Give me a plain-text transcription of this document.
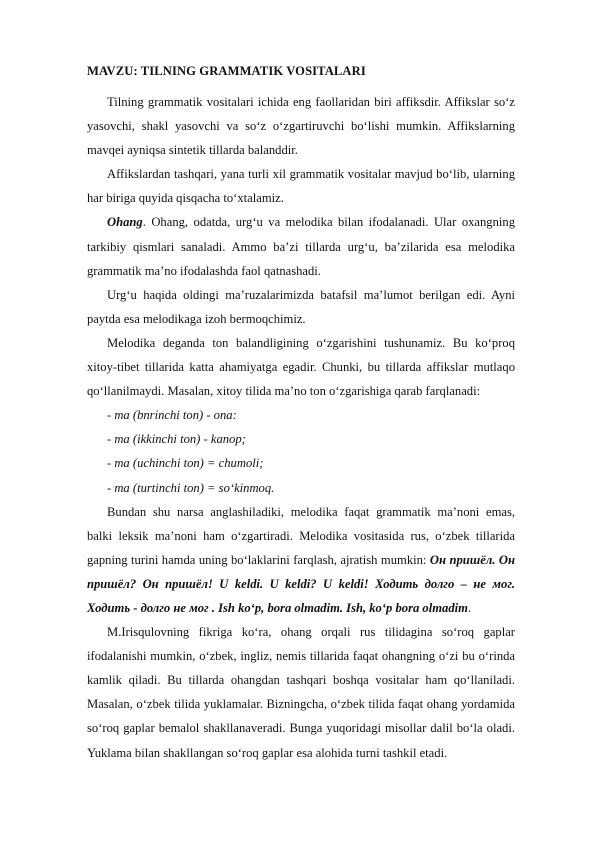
MAVZU: TILNING GRAMMATIK VOSITALARI

Tilning grammatik vositalari ichida eng faollaridan biri affiksdir. Affikslar so‘z yasovchi, shakl yasovchi va so‘z o‘zgartiruvchi bo‘lishi mumkin. Affikslarning mavqei ayniqsa sintetik tillarda balanddir.

Affikslardan tashqari, yana turli xil grammatik vositalar mavjud bo‘lib, ularning har biriga quyida qisqacha to‘xtalamiz.

Ohang. Ohang, odatda, urg‘u va melodika bilan ifodalanadi. Ular oxangning tarkibiy qismlari sanaladi. Ammo ba’zi tillarda urg‘u, ba’zilarida esa melodika grammatik ma’no ifodalashda faol qatnashadi.

Urg‘u haqida oldingi ma’ruzalarimizda batafsil ma’lumot berilgan edi. Ayni paytda esa melodikaga izoh bermoqchimiz.

Melodika deganda ton balandligining o‘zgarishini tushunamiz. Bu ko‘proq xitoy-tibet tillarida katta ahamiyatga egadir. Chunki, bu tillarda affikslar mutlaqo qo‘llanilmaydi. Masalan, xitoy tilida ma’no ton o‘zgarishiga qarab farqlanadi:

- ma (bnrinchi ton) - ona:

- ma (ikkinchi ton) - kanop;

- ma (uchinchi ton) = chumoli;

- ma (turtinchi ton) = so‘kinmoq.

Bundan shu narsa anglashiladiki, melodika faqat grammatik ma’noni emas, balki leksik ma’noni ham o‘zgartiradi. Melodika vositasida rus, o‘zbek tillarida gapning turini hamda uning bo‘laklarini farqlash, ajratish mumkin: Он пришёл. Он пришёл? Он пришёл! U keldi. U keldi? U keldi! Ходить долго – не мог. Ходить - долго не мог . Ish ko‘p, bora olmadim. Ish, ko‘p bora olmadim.

M.Irisqulovning fikriga ko‘ra, ohang orqali rus tilidagina so‘roq gaplar ifodalanishi mumkin, o‘zbek, ingliz, nemis tillarida faqat ohangning o‘zi bu o‘rinda kamlik qiladi. Bu tillarda ohangdan tashqari boshqa vositalar ham qo‘llaniladi. Masalan, o‘zbek tilida yuklamalar. Bizningcha, o‘zbek tilida faqat ohang yordamida so‘roq gaplar bemalol shakllanaveradi. Bunga yuqoridagi misollar dalil bo‘la oladi. Yuklama bilan shakllangan so‘roq gaplar esa alohida turni tashkil etadi.
